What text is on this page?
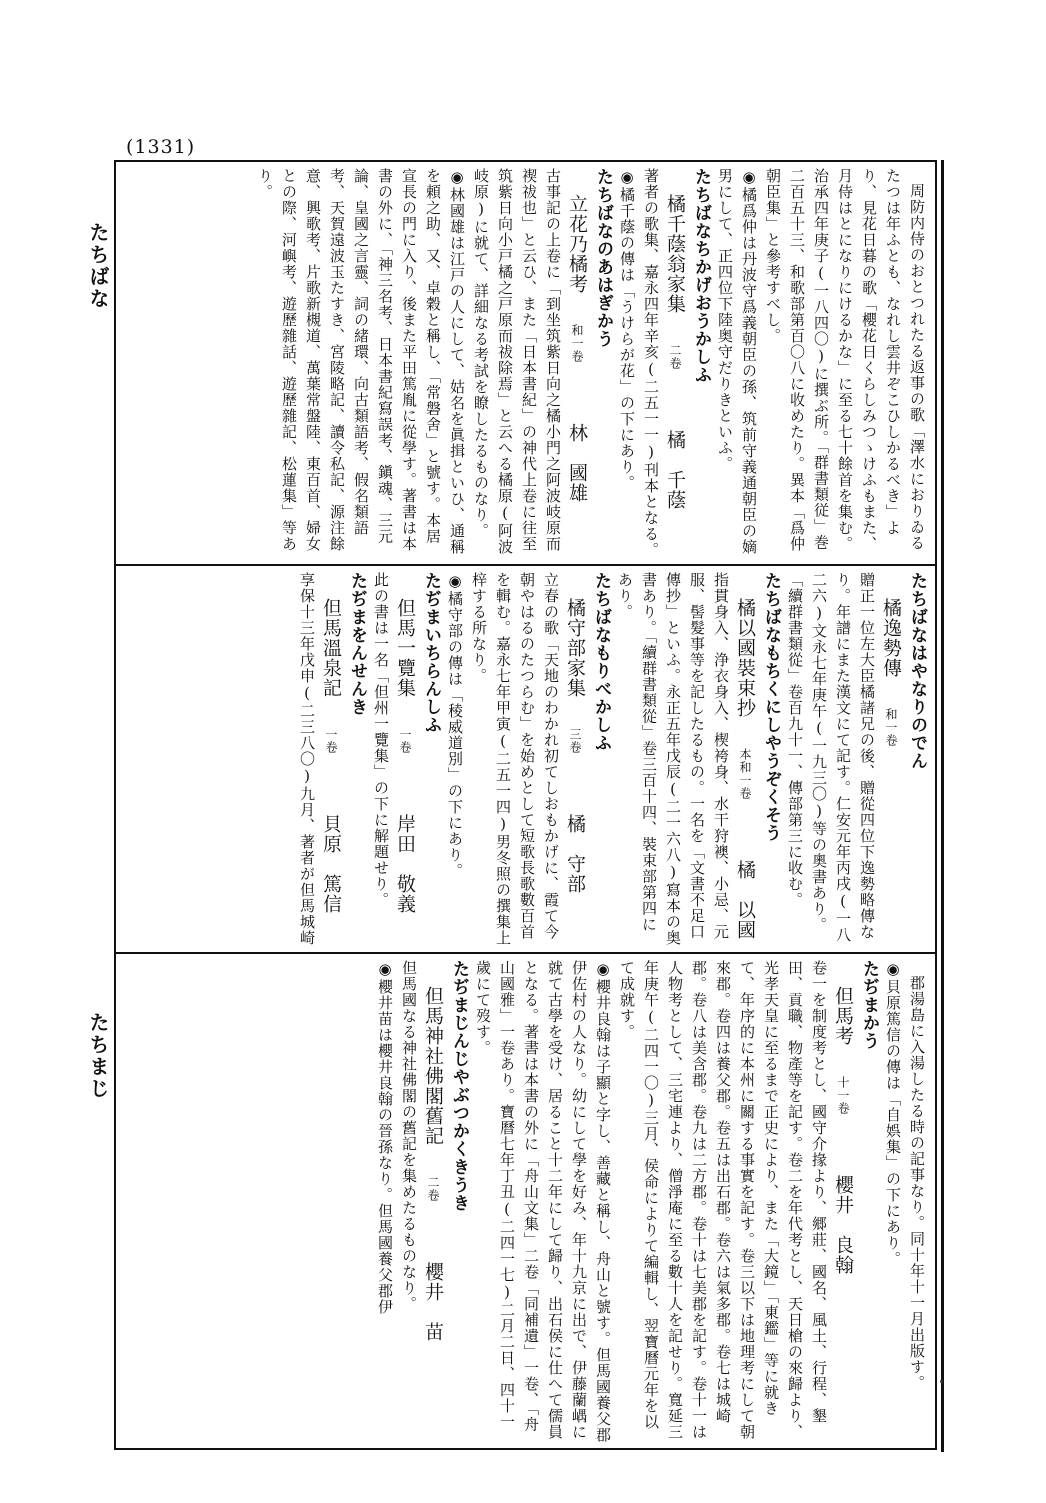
(1331)
たちばな
たちまじ
周防内侍のおとつれたる返事の歌「澤水におりゐるたつは年ふとも、なれし雲井ぞこひしかるべき」より、見花日暮の歌「櫻花日くらしみつゝけふもまた、月侍はとになりにけるかな」に至る七十餘首を集む。治承四年庚子(一八四〇)に撰ぶ所。「群書類従」巻二百五十三、和歌部第百〇八に收めたり。異本「爲仲朝臣集」と參考すべし。
◉橘爲仲は丹波守爲義朝臣の孫、筑前守義通朝臣の嫡男にして、正四位下陸奥守だりきといふ。
たちばなちかげおうかしふ
橘千蔭翁家集　二卷　橘　千蔭
著者の歌集、嘉永四年辛亥(二五一一)刊本となる。
◉橘千蔭の傳は「うけらが花」の下にあり。
たちばなのあはぎかう
立花乃橘考　和一卷　林　國雄
古事記の上卷に「到坐筑紫日向之橘小門之阿波岐原而禊祓也」と云ひ、また「日本書紀」の神代上卷に往至筑紫日向小戸橘之戸原而祓除焉」と云へる橘原(阿波岐原)に就て、詳細なる考試を瞭したるものなり。
◉林國雄は江戸の人にして、姑名を眞揖といひ、通稱を頼之助、又、卓穀と稱し、「常磐舍」と號す。本居宣長の門に入り、後また平田篤胤に從學す。著書は本書の外に、「神三名考、日本書紀寫誤考、鎭魂、三元論、皇國之言靈、詞の緒環、向古類語考、假名類語考、天賀遠波玉たすき、宮陵略記、讀令私記、源注餘意、興歌考、片歌新槻道、萬葉常盤陸、東百首、婦女との際、河嶼考、遊歷雜話、遊歷雜記、松蓮集」等あり。
たちばなはやなりのでん
橘逸勢傳　和一卷
贈正一位左大臣橘諸兄の後、贈從四位下逸勢略傳なり。年譜にまた漢文にて記す。仁安元年丙戌(一八二六)文永七年庚午(一九三〇)等の奧書あり。「續群書類從」卷百九十一、傳部第三に收む。
たちばなもちくにしやうぞくそう
橘以國裝束抄　本和一卷　橘　以國
指貫身入、浄衣身入、楔袴身、水干狩襖、小忌、元服、髻髮事等を記したるもの。一名を「文書不足口傳抄」といふ。永正五年戊辰(二一六八)寫本の奥書あり。「續群書類從」卷三百十四、裝束部第四にあり。
たちばなもりべかしふ
橘守部家集　三卷　橘　守部
立春の歌「天地のわかれ初てしおもかげに、霞て今朝やはるのたつらむ」を始めとして短歌長歌數百首を輯む。嘉永七年甲寅(二五一四)男冬照の撰集上梓する所なり。
◉橘守部の傳は「稜威道別」の下にあり。
たぢまいちらんしふ
但馬一覽集　一卷　岸田　敬義
此の書は一名「但州一覽集」の下に解題せり。
たぢまをんせんき
但馬溫泉記　一卷　貝原　篤信
享保十三年戊申(二三八〇)九月、著者が但馬城崎
郡湯島に入湯したる時の記事なり。同十年十一月出版す。
◉貝原篤信の傳は「自娯集」の下にあり。
たぢまかう
但馬考　十一卷　櫻井　良翰
卷一を制度考とし、國守介掾より、郷莊、國名、風土、行程、墾田、貢職、物產等を記す。卷二を年代考とし、天日槍の來歸より、光孝天皇に至るまで正史により、また「大鏡」「東鑑」等に就きて、年序的に本州に關する事實を記す。卷三以下は地理考にして朝來郡。卷四は養父郡。卷五は出石郡。卷六は氣多郡。卷七は城崎郡。卷八は美含郡。卷九は二方郡。卷十は七美郡を記す。卷十一は人物考として、三宅連より、僧淨庵に至る數十人を記せり。寬延三年庚午(二四一〇)三月、侯命によりて編輯し、翌寶曆元年を以て成就す。
◉櫻井良翰は子顯と字し、善藏と稱し、舟山と號す。但馬國養父郡伊佐村の人なり。幼にして學を好み、年十九京に出で、伊藤蘭嵎に就て古學を受け、居ること十二年にして歸り、出石侯に仕へて儒員となる。著書は本書の外に「舟山文集」二卷「同補遺」一卷、「舟山國雅」一卷あり。寶曆七年丁丑(二四一七)二月二日、四十一歲にて歿す。
たぢまじんじやぶつかくきうき
但馬神社佛閣舊記　二卷　櫻井　苗
但馬國なる神社佛閣の舊記を集めたるものなり。
◉櫻井苗は櫻井良翰の晉孫なり。但馬國養父郡伊
